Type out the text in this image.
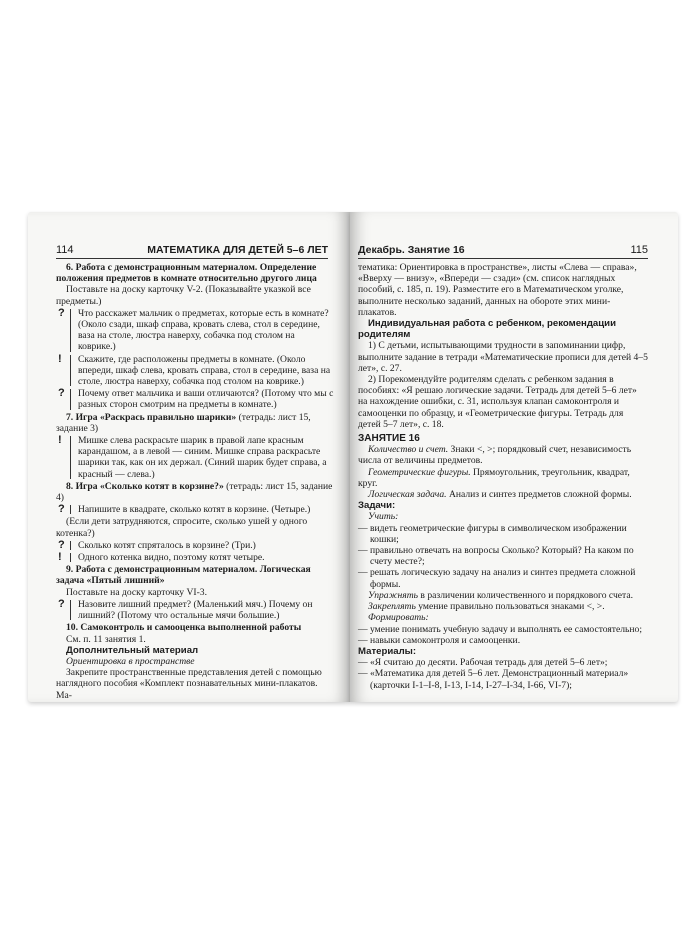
114	МАТЕМАТИКА ДЛЯ ДЕТЕЙ 5–6 ЛЕТ

6. Работа с демонстрационным материалом. Определение положения предметов в комнате относительно другого лица

Поставьте на доску карточку V-2. (Показывайте указкой все предметы.)

? Что расскажет мальчик о предметах, которые есть в комнате? (Около сзади, шкаф справа, кровать слева, стол в середине, ваза на столе, люстра наверху, собачка под столом на коврике.)
! Скажите, где расположены предметы в комнате. (Около впереди, шкаф слева, кровать справа, стол в середине, ваза на столе, люстра наверху, собачка под столом на коврике.)
? Почему ответ мальчика и ваши отличаются? (Потому что мы с разных сторон смотрим на предметы в комнате.)

7. Игра «Раскрась правильно шарики» (тетрадь: лист 15, задание 3)

! Мишке слева раскрасьте шарик в правой лапе красным карандашом, а в левой — синим. Мишке справа раскрасьте шарики так, как он их держал. (Синий шарик будет справа, а красный — слева.)

8. Игра «Сколько котят в корзине?» (тетрадь: лист 15, задание 4)

? Напишите в квадрате, сколько котят в корзине. (Четыре.)

(Если дети затрудняются, спросите, сколько ушей у одного котенка?)

? Сколько котят спряталось в корзине? (Три.)
! Одного котенка видно, поэтому котят четыре.

9. Работа с демонстрационным материалом. Логическая задача «Пятый лишний»

Поставьте на доску карточку VI-3.

? Назовите лишний предмет? (Маленький мяч.) Почему он лишний? (Потому что остальные мячи большие.)

10. Самоконтроль и самооценка выполненной работы

См. п. 11 занятия 1.

Дополнительный материал

Ориентировка в пространстве

Закрепите пространственные представления детей с помощью наглядного пособия «Комплект познавательных мини-плакатов. Ма-

Декабрь. Занятие 16	115

тематика: Ориентировка в пространстве», листы «Слева — справа», «Вверху — внизу», «Впереди — сзади» (см. список наглядных пособий, с. 185, п. 19). Разместите его в Математическом уголке, выполните несколько заданий, данных на обороте этих мини-плакатов.

Индивидуальная работа с ребенком, рекомендации родителям

1) С детьми, испытывающими трудности в запоминании цифр, выполните задание в тетради «Математические прописи для детей 4–5 лет», с. 27.

2) Порекомендуйте родителям сделать с ребенком задания в пособиях: «Я решаю логические задачи. Тетрадь для детей 5–6 лет» на нахождение ошибки, с. 31, используя клапан самоконтроля и самооценки по образцу, и «Геометрические фигуры. Тетрадь для детей 5–7 лет», с. 18.

ЗАНЯТИЕ 16

Количество и счет. Знаки <, >; порядковый счет, независимость числа от величины предметов.

Геометрические фигуры. Прямоугольник, треугольник, квадрат, круг.

Логическая задача. Анализ и синтез предметов сложной формы.

Задачи:

Учить:

— видеть геометрические фигуры в символическом изображении кошки;

— правильно отвечать на вопросы Сколько? Который? На каком по счету месте?;

— решать логическую задачу на анализ и синтез предмета сложной формы.

Упражнять в различении количественного и порядкового счета.

Закреплять умение правильно пользоваться знаками <, >.

Формировать:

— умение понимать учебную задачу и выполнять ее самостоятельно;

— навыки самоконтроля и самооценки.

Материалы:

— «Я считаю до десяти. Рабочая тетрадь для детей 5–6 лет»;

— «Математика для детей 5–6 лет. Демонстрационный материал» (карточки I-1–I-8, I-13, I-14, I-27–I-34, I-66, VI-7);
